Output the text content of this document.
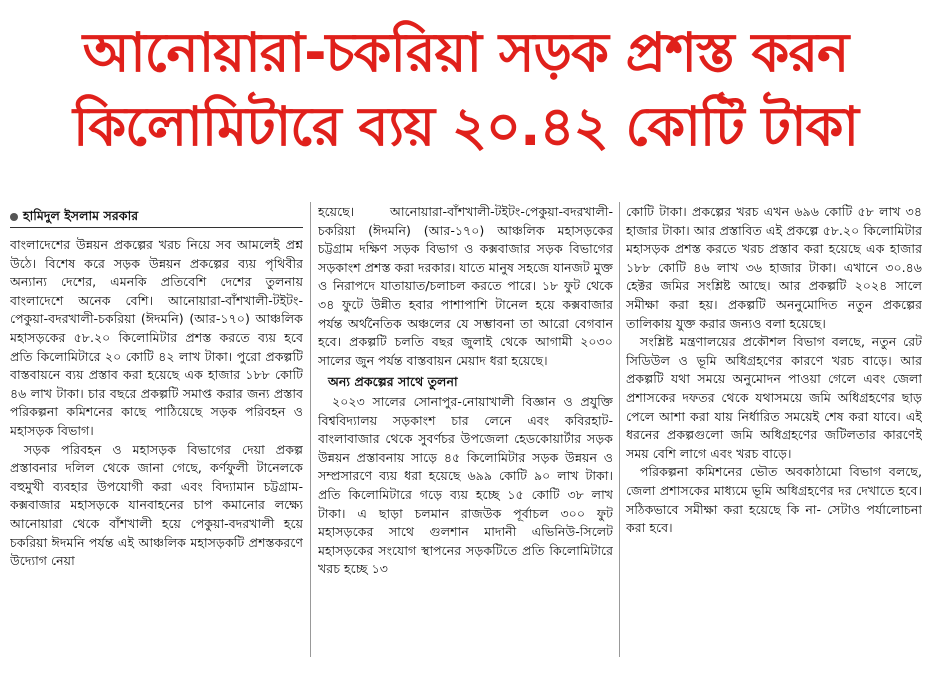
আনোয়ারা-চকরিয়া সড়ক প্রশস্ত করন
কিলোমিটারে ব্যয় ২০.৪২ কোটি টাকা
হামিদুল ইসলাম সরকার

বাংলাদেশের উন্নয়ন প্রকল্পের খরচ নিয়ে সব আমলেই প্রশ্ন উঠে। বিশেষ করে সড়ক উন্নয়ন প্রকল্পের ব্যয় পৃথিবীর অন্যান্য দেশের, এমনকি প্রতিবেশি দেশের তুলনায় বাংলাদেশে অনেক বেশি। আনোয়ারা-বাঁশখালী-টইটং-পেকুয়া-বদরখালী-চকরিয়া (ঈদমনি) (আর-১৭০) আঞ্চলিক মহাসড়কের ৫৮.২০ কিলোমিটার প্রশস্ত করতে ব্যয় হবে প্রতি কিলোমিটারে ২০ কোটি ৪২ লাখ টাকা। পুরো প্রকল্পটি বাস্তবায়নে ব্যয় প্রস্তাব করা হয়েছে এক হাজার ১৮৮ কোটি ৪৬ লাখ টাকা। চার বছরে প্রকল্পটি সমাপ্ত করার জন্য প্রস্তাব পরিকল্পনা কমিশনের কাছে পাঠিয়েছে সড়ক পরিবহন ও মহাসড়ক বিভাগ।

সড়ক পরিবহন ও মহাসড়ক বিভাগের দেয়া প্রকল্প প্রস্তাবনার দলিল থেকে জানা গেছে, কর্ণফুলী টানেলকে বহুমুখী ব্যবহার উপযোগী করা এবং বিদ্যামান চট্টগ্রাম-কক্সবাজার মহাসড়কে যানবাহনের চাপ কমানোর লক্ষ্যে আনোয়ারা থেকে বাঁশখালী হয়ে পেকুয়া-বদরখালী হয়ে চকরিয়া ঈদমনি পর্যন্ত এই আঞ্চলিক মহাসড়কটি প্রশস্তকরণে উদ্যোগ নেয়া

হয়েছে। আনোয়ারা-বাঁশখালী-টইটং-পেকুয়া-বদরখালী-চকরিয়া (ঈদমনি) (আর-১৭০) আঞ্চলিক মহাসড়কের চট্টগ্রাম দক্ষিণ সড়ক বিভাগ ও কক্সবাজার সড়ক বিভাগের সড়কাংশ প্রশস্ত করা দরকার। যাতে মানুষ সহজে যানজট মুক্ত ও নিরাপদে যাতায়াত/চলাচল করতে পারে। ১৮ ফুট থেকে ৩৪ ফুটে উন্নীত হবার পাশাপাশি টানেল হয়ে কক্সবাজার পর্যন্ত অর্থনৈতিক অঞ্চলের যে সম্ভাবনা তা আরো বেগবান হবে। প্রকল্পটি চলতি বছর জুলাই থেকে আগামী ২০৩০ সালের জুন পর্যন্ত বাস্তবায়ন মেয়াদ ধরা হয়েছে।

অন্য প্রকল্পের সাথে তুলনা

২০২৩ সালের সোনাপুর-নোয়াখালী বিজ্ঞান ও প্রযুক্তি বিশ্ববিদ্যালয় সড়কাংশ চার লেনে এবং কবিরহাট-বাংলাবাজার থেকে সুবর্ণচর উপজেলা হেডকোয়ার্টার সড়ক উন্নয়ন প্রস্তাবনায় সাড়ে ৪৫ কিলোমিটার সড়ক উন্নয়ন ও সম্প্রসারণে ব্যয় ধরা হয়েছে ৬৯৯ কোটি ৯০ লাখ টাকা। প্রতি কিলোমিটারে গড়ে ব্যয় হচ্ছে ১৫ কোটি ৩৮ লাখ টাকা। এ ছাড়া চলমান রাজউক পূর্বাচল ৩০০ ফুট মহাসড়কের সাথে গুলশান মাদানী এভিনিউ-সিলেট মহাসড়কের সংযোগ স্থাপনের সড়কটিতে প্রতি কিলোমিটারে খরচ হচ্ছে ১৩

কোটি টাকা। প্রকল্পের খরচ এখন ৬৯৬ কোটি ৫৮ লাখ ৩৪ হাজার টাকা। আর প্রস্তাবিত এই প্রকল্পে ৫৮.২০ কিলোমিটার মহাসড়ক প্রশস্ত করতে খরচ প্রস্তাব করা হয়েছে এক হাজার ১৮৮ কোটি ৪৬ লাখ ৩৬ হাজার টাকা। এখানে ৩০.৪৬ হেক্টর জমির সংশ্লিষ্ট আছে। আর প্রকল্পটি ২০২৪ সালে সমীক্ষা করা হয়। প্রকল্পটি অননুমোদিত নতুন প্রকল্পের তালিকায় যুক্ত করার জন্যও বলা হয়েছে।

সংশ্লিষ্ট মন্ত্রণালয়ের প্রকৌশল বিভাগ বলছে, নতুন রেট সিডিউল ও ভূমি অধিগ্রহণের কারণে খরচ বাড়ে। আর প্রকল্পটি যথা সময়ে অনুমোদন পাওয়া গেলে এবং জেলা প্রশাসকের দফতর থেকে যথাসময়ে জমি অধিগ্রহণের ছাড় পেলে আশা করা যায় নির্ধারিত সময়েই শেষ করা যাবে। এই ধরনের প্রকল্পগুলো জমি অধিগ্রহণের জটিলতার কারণেই সময় বেশি লাগে এবং খরচ বাড়ে।

পরিকল্পনা কমিশনের ভৌত অবকাঠামো বিভাগ বলছে, জেলা প্রশাসকের মাধ্যমে ভূমি অধিগ্রহণের দর দেখাতে হবে। সঠিকভাবে সমীক্ষা করা হয়েছে কি না- সেটাও পর্যালোচনা করা হবে।
